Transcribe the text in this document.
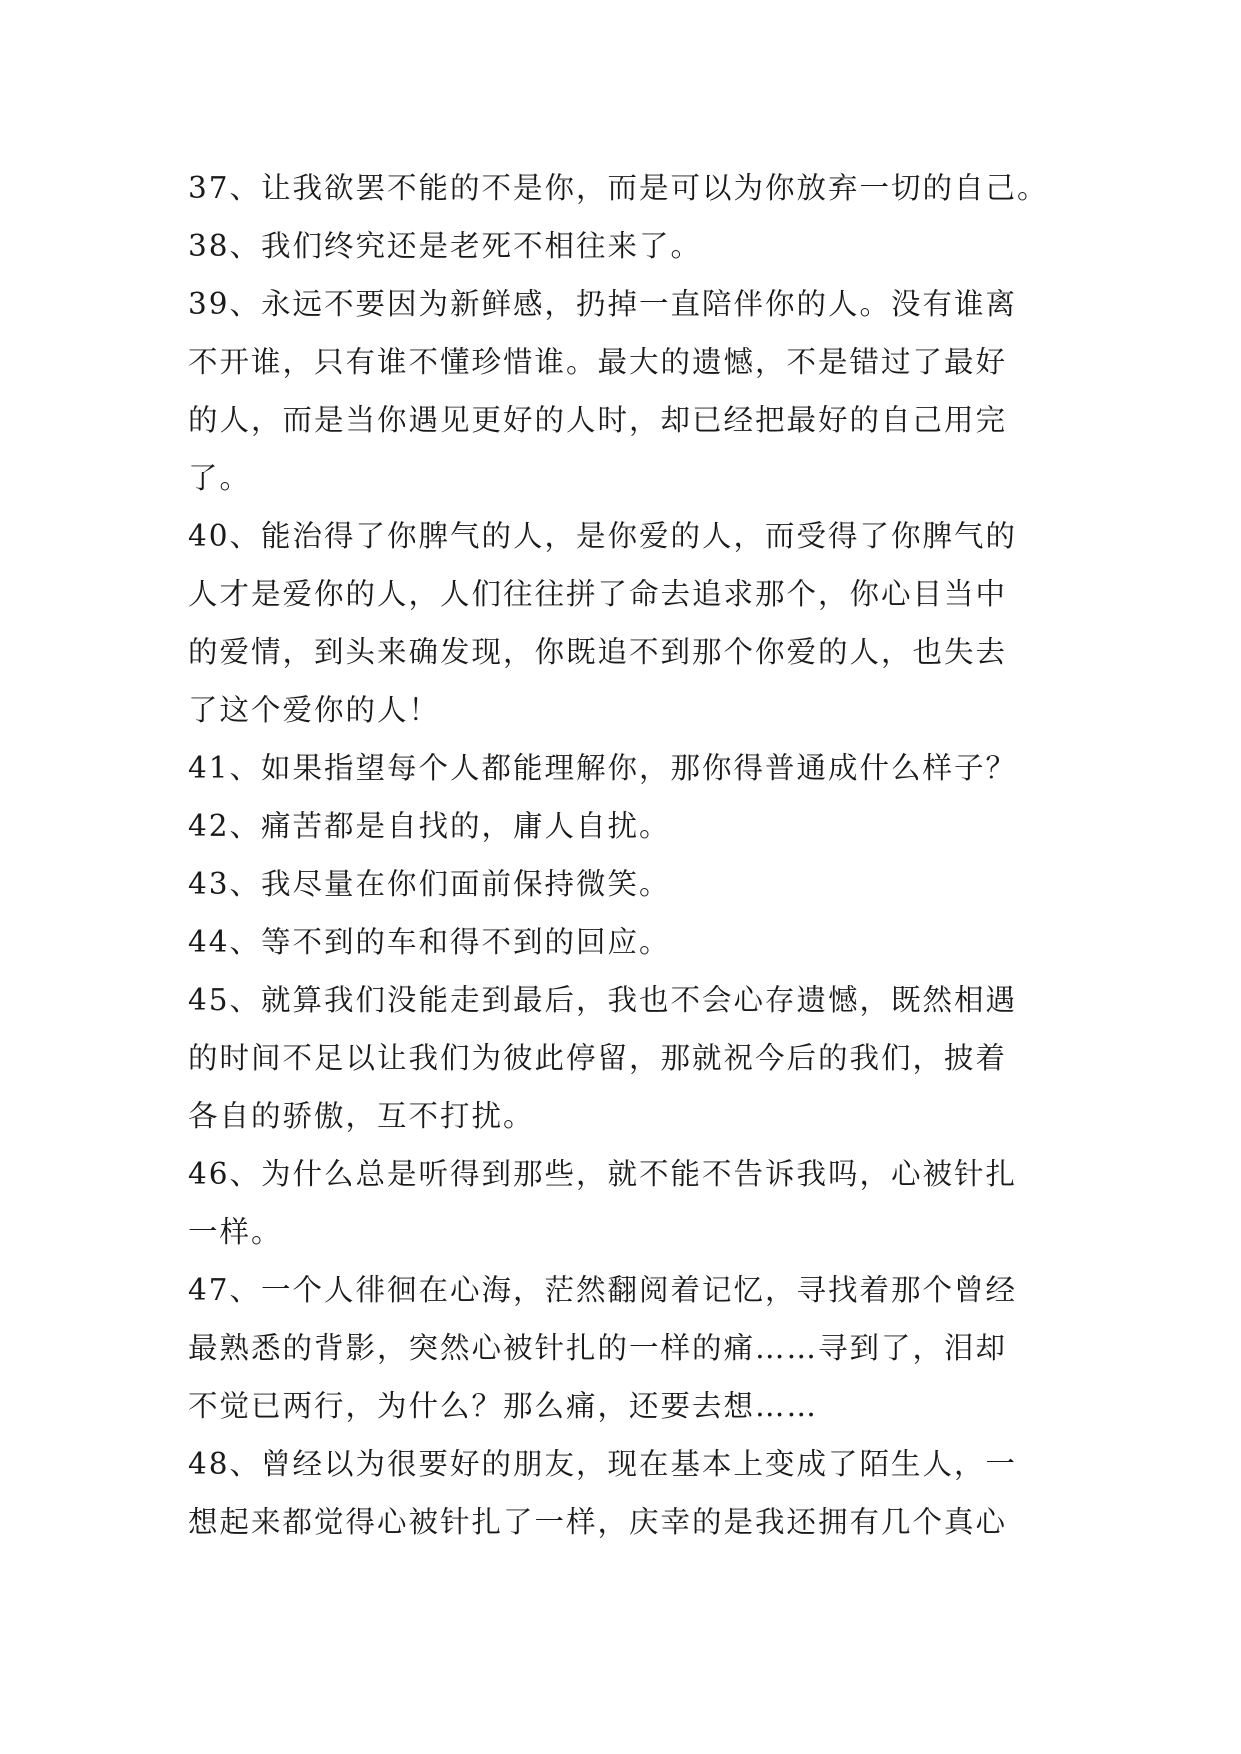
37、让我欲罢不能的不是你，而是可以为你放弃一切的自己。

38、我们终究还是老死不相往来了。

39、永远不要因为新鲜感，扔掉一直陪伴你的人。没有谁离

不开谁，只有谁不懂珍惜谁。最大的遗憾，不是错过了最好

的人，而是当你遇见更好的人时，却已经把最好的自己用完

了。

40、能治得了你脾气的人，是你爱的人，而受得了你脾气的

人才是爱你的人，人们往往拼了命去追求那个，你心目当中

的爱情，到头来确发现，你既追不到那个你爱的人，也失去

了这个爱你的人！

41、如果指望每个人都能理解你，那你得普通成什么样子？

42、痛苦都是自找的，庸人自扰。

43、我尽量在你们面前保持微笑。

44、等不到的车和得不到的回应。

45、就算我们没能走到最后，我也不会心存遗憾，既然相遇

的时间不足以让我们为彼此停留，那就祝今后的我们，披着

各自的骄傲，互不打扰。

46、为什么总是听得到那些，就不能不告诉我吗，心被针扎

一样。

47、一个人徘徊在心海，茫然翻阅着记忆，寻找着那个曾经

最熟悉的背影，突然心被针扎的一样的痛……寻到了，泪却

不觉已两行，为什么？那么痛，还要去想……

48、曾经以为很要好的朋友，现在基本上变成了陌生人，一

想起来都觉得心被针扎了一样，庆幸的是我还拥有几个真心
